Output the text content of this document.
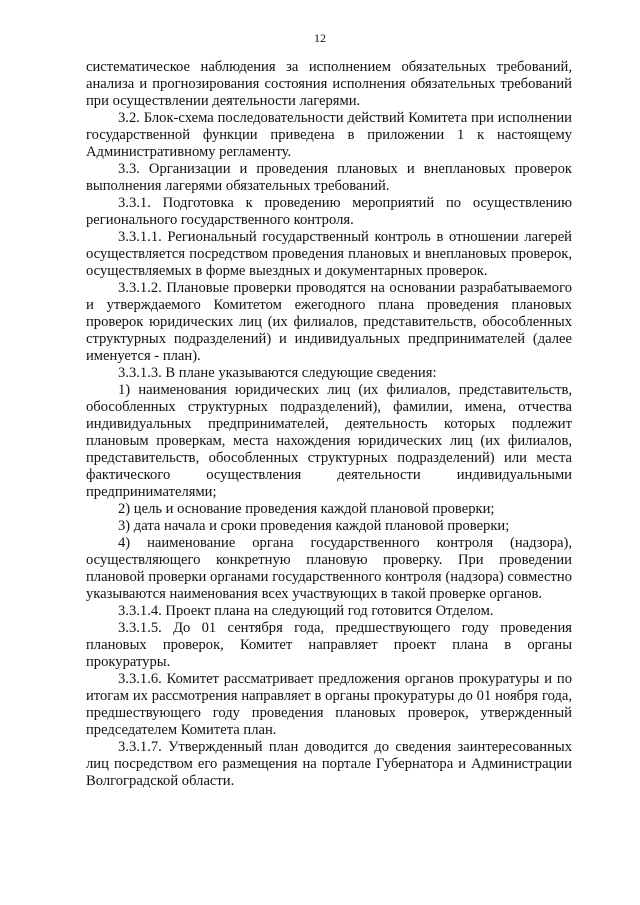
12

систематическое наблюдения за исполнением обязательных требований, анализа и прогнозирования состояния исполнения обязательных требований при осуществлении деятельности лагерями.

3.2. Блок-схема последовательности действий Комитета при исполнении государственной функции приведена в приложении 1 к настоящему Административному регламенту.

3.3. Организации и проведения плановых и внеплановых проверок выполнения лагерями обязательных требований.

3.3.1. Подготовка к проведению мероприятий по осуществлению регионального государственного контроля.

3.3.1.1. Региональный государственный контроль в отношении лагерей осуществляется посредством проведения плановых и внеплановых проверок, осуществляемых в форме выездных и документарных проверок.

3.3.1.2. Плановые проверки проводятся на основании разрабатываемого и утверждаемого Комитетом ежегодного плана проведения плановых проверок юридических лиц (их филиалов, представительств, обособленных структурных подразделений) и индивидуальных предпринимателей (далее именуется - план).

3.3.1.3. В плане указываются следующие сведения:

1) наименования юридических лиц (их филиалов, представительств, обособленных структурных подразделений), фамилии, имена, отчества индивидуальных предпринимателей, деятельность которых подлежит плановым проверкам, места нахождения юридических лиц (их филиалов, представительств, обособленных структурных подразделений) или места фактического осуществления деятельности индивидуальными предпринимателями;

2) цель и основание проведения каждой плановой проверки;

3) дата начала и сроки проведения каждой плановой проверки;

4) наименование органа государственного контроля (надзора), осуществляющего конкретную плановую проверку. При проведении плановой проверки органами государственного контроля (надзора) совместно указываются наименования всех участвующих в такой проверке органов.

3.3.1.4. Проект плана на следующий год готовится Отделом.

3.3.1.5. До 01 сентября года, предшествующего году проведения плановых проверок, Комитет направляет проект плана в органы прокуратуры.

3.3.1.6. Комитет рассматривает предложения органов прокуратуры и по итогам их рассмотрения направляет в органы прокуратуры до 01 ноября года, предшествующего году проведения плановых проверок, утвержденный председателем Комитета план.

3.3.1.7. Утвержденный план доводится до сведения заинтересованных лиц посредством его размещения на портале Губернатора и Администрации Волгоградской области.
